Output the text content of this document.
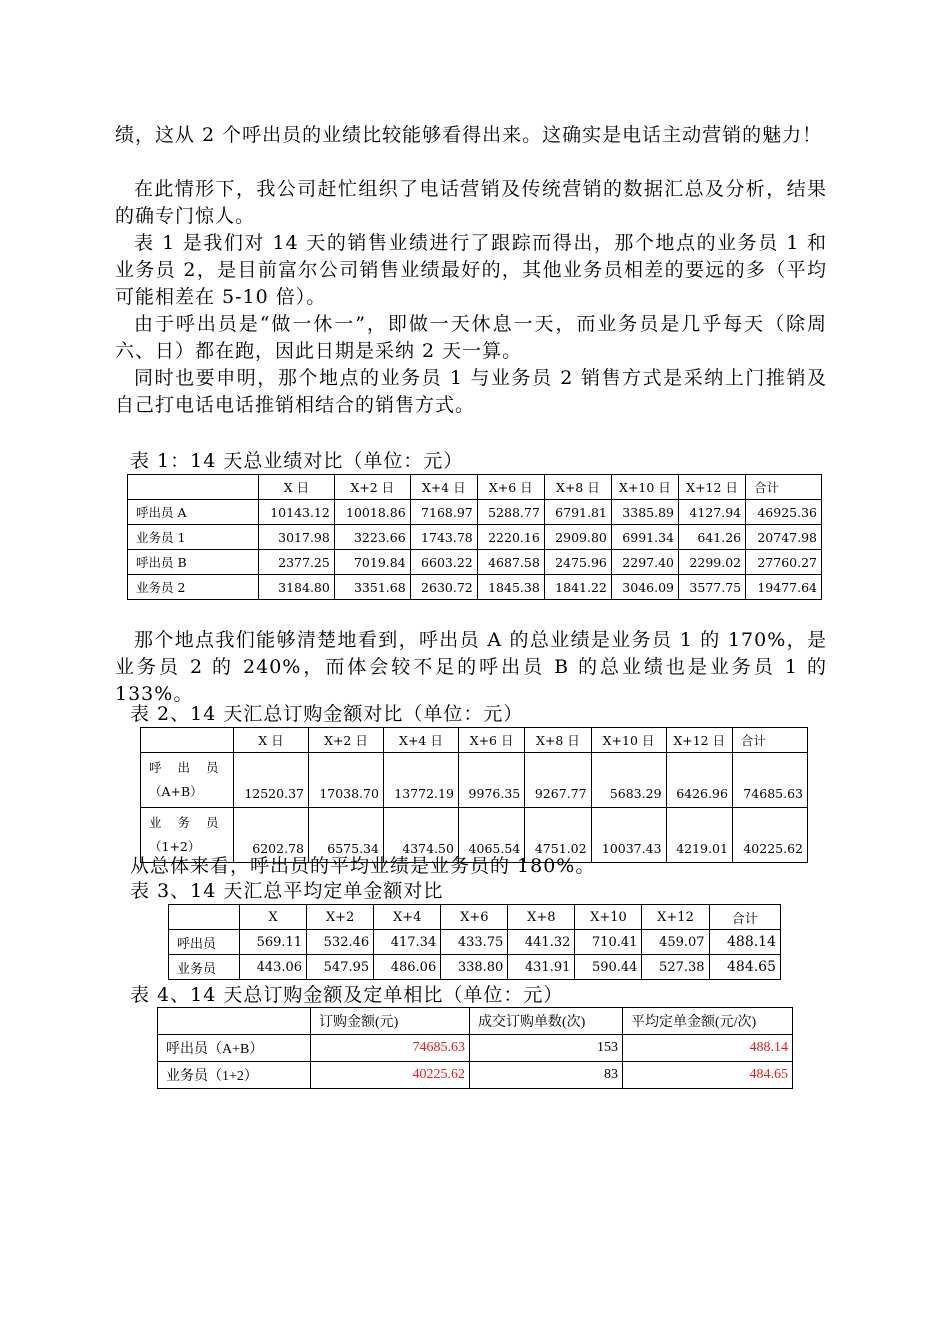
绩，这从 2 个呼出员的业绩比较能够看得出来。这确实是电话主动营销的魅力！

在此情形下，我公司赶忙组织了电话营销及传统营销的数据汇总及分析，结果的确专门惊人。

表 1 是我们对 14 天的销售业绩进行了跟踪而得出，那个地点的业务员 1 和业务员 2，是目前富尔公司销售业绩最好的，其他业务员相差的要远的多（平均可能相差在 5-10 倍）。

由于呼出员是“做一休一”，即做一天休息一天，而业务员是几乎每天（除周六、日）都在跑，因此日期是采纳 2 天一算。

同时也要申明，那个地点的业务员 1 与业务员 2 销售方式是采纳上门推销及自己打电话电话推销相结合的销售方式。

表 1：14 天总业绩对比（单位：元）

	X 日	X+2 日	X+4 日	X+6 日	X+8 日	X+10 日	X+12 日	合计
呼出员 A	10143.12	10018.86	7168.97	5288.77	6791.81	3385.89	4127.94	46925.36
业务员 1	3017.98	3223.66	1743.78	2220.16	2909.80	6991.34	641.26	20747.98
呼出员 B	2377.25	7019.84	6603.22	4687.58	2475.96	2297.40	2299.02	27760.27
业务员 2	3184.80	3351.68	2630.72	1845.38	1841.22	3046.09	3577.75	19477.64

那个地点我们能够清楚地看到，呼出员 A 的总业绩是业务员 1 的 170%，是业务员 2 的 240%，而体会较不足的呼出员 B 的总业绩也是业务员 1 的 133%。

表 2、14 天汇总订购金额对比（单位：元）

	X 日	X+2 日	X+4 日	X+6 日	X+8 日	X+10 日	X+12 日	合计

呼 出 员
（A+B）	12520.37	17038.70	13772.19	9976.35	9267.77	5683.29	6426.96	74685.63

业 务 员
（1+2）	6202.78	6575.34	4374.50	4065.54	4751.02	10037.43	4219.01	40225.62

从总体来看，呼出员的平均业绩是业务员的 180%。

表 3、14 天汇总平均定单金额对比

	X	X+2	X+4	X+6	X+8	X+10	X+12	合计
呼出员	569.11	532.46	417.34	433.75	441.32	710.41	459.07	488.14
业务员	443.06	547.95	486.06	338.80	431.91	590.44	527.38	484.65

表 4、14 天总订购金额及定单相比（单位：元）

	订购金额(元)	成交订购单数(次)	平均定单金额(元/次)
呼出员（A+B）	74685.63	153	488.14
业务员（1+2）	40225.62	83	484.65
